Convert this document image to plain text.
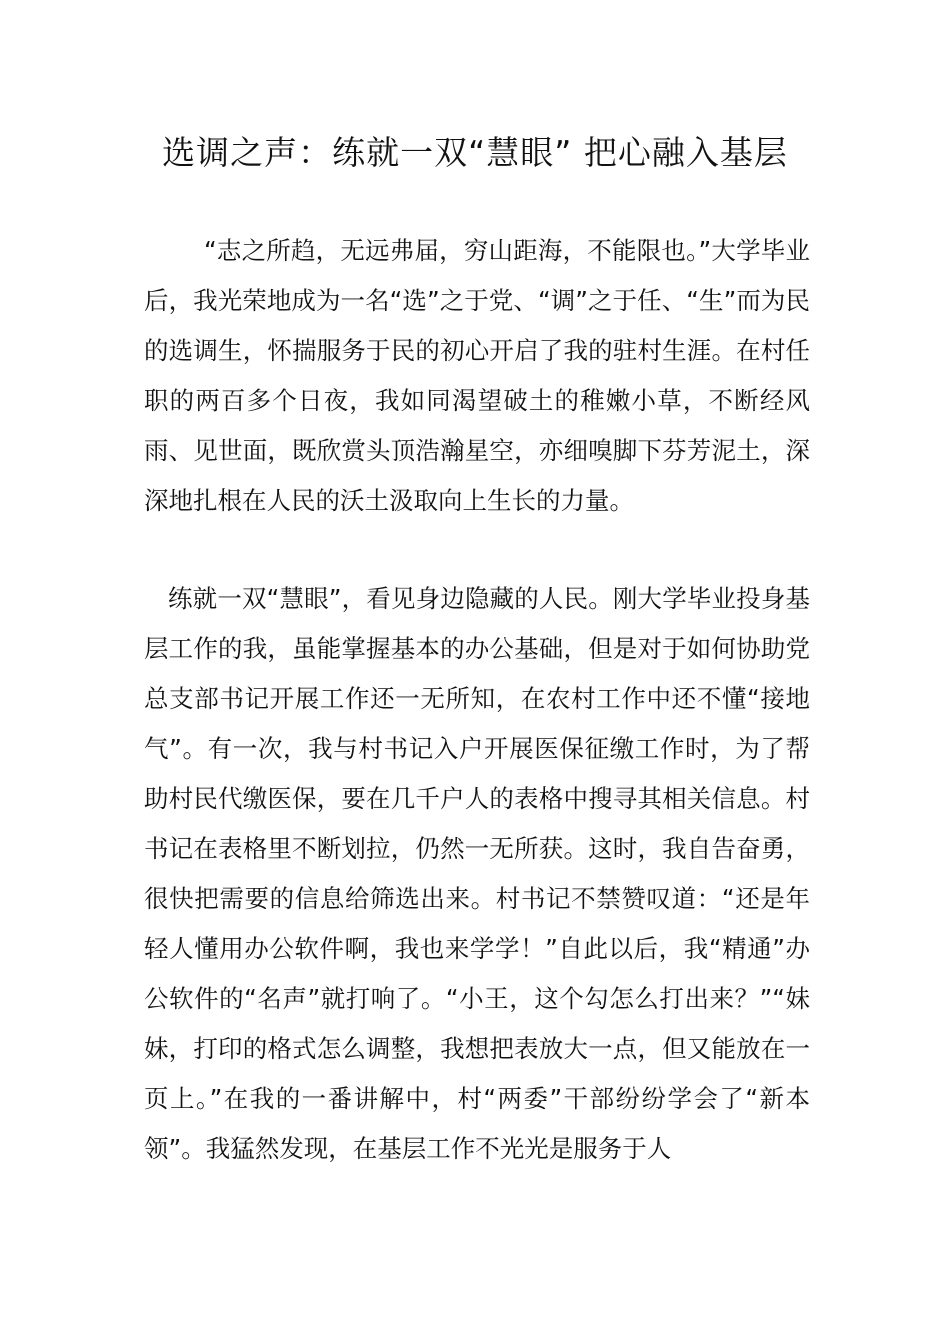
选调之声：练就一双“慧眼” 把心融入基层

“志之所趋，无远弗届，穷山距海，不能限也。”大学毕业后，我光荣地成为一名“选”之于党、“调”之于任、“生”而为民的选调生，怀揣服务于民的初心开启了我的驻村生涯。在村任职的两百多个日夜，我如同渴望破土的稚嫩小草，不断经风雨、见世面，既欣赏头顶浩瀚星空，亦细嗅脚下芬芳泥土，深深地扎根在人民的沃土汲取向上生长的力量。

练就一双“慧眼”，看见身边隐藏的人民。刚大学毕业投身基层工作的我，虽能掌握基本的办公基础，但是对于如何协助党总支部书记开展工作还一无所知，在农村工作中还不懂“接地气”。有一次，我与村书记入户开展医保征缴工作时，为了帮助村民代缴医保，要在几千户人的表格中搜寻其相关信息。村书记在表格里不断划拉，仍然一无所获。这时，我自告奋勇，很快把需要的信息给筛选出来。村书记不禁赞叹道：“还是年轻人懂用办公软件啊，我也来学学！”自此以后，我“精通”办公软件的“名声”就打响了。“小王，这个勾怎么打出来？”“妹妹，打印的格式怎么调整，我想把表放大一点，但又能放在一页上。”在我的一番讲解中，村“两委”干部纷纷学会了“新本领”。我猛然发现，在基层工作不光光是服务于人
